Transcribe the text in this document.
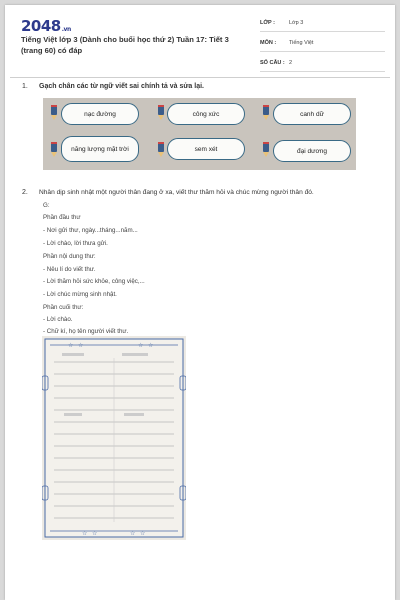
2048.vn
Tiếng Việt lớp 3 (Dành cho buổi học thứ 2) Tuần 17: Tiết 3 (trang 60) có đáp
LỚP :	Lớp 3
MÔN : Tiếng Việt
SỐ CÂU : 2
1. Gạch chân các từ ngữ viết sai chính tả và sửa lại.
nạc đường	công xức	canh dữ
năng lượng mặt trời	sem xét	đại dương
2. Nhân dịp sinh nhật một người thân đang ở xa, viết thư thăm hỏi và chúc mừng người thân đó.
G:
Phần đầu thư
- Nơi gửi thư, ngày...tháng...năm...
- Lời chào, lời thưa gửi.
Phần nội dung thư:
- Nêu lí do viết thư.
- Lời thăm hỏi sức khỏe, công việc,...
- Lời chúc mừng sinh nhật.
Phần cuối thư:
- Lời chào.
- Chữ kí, họ tên người viết thư.
☆ ☆	☆ ☆
☆ ☆	☆ ☆
